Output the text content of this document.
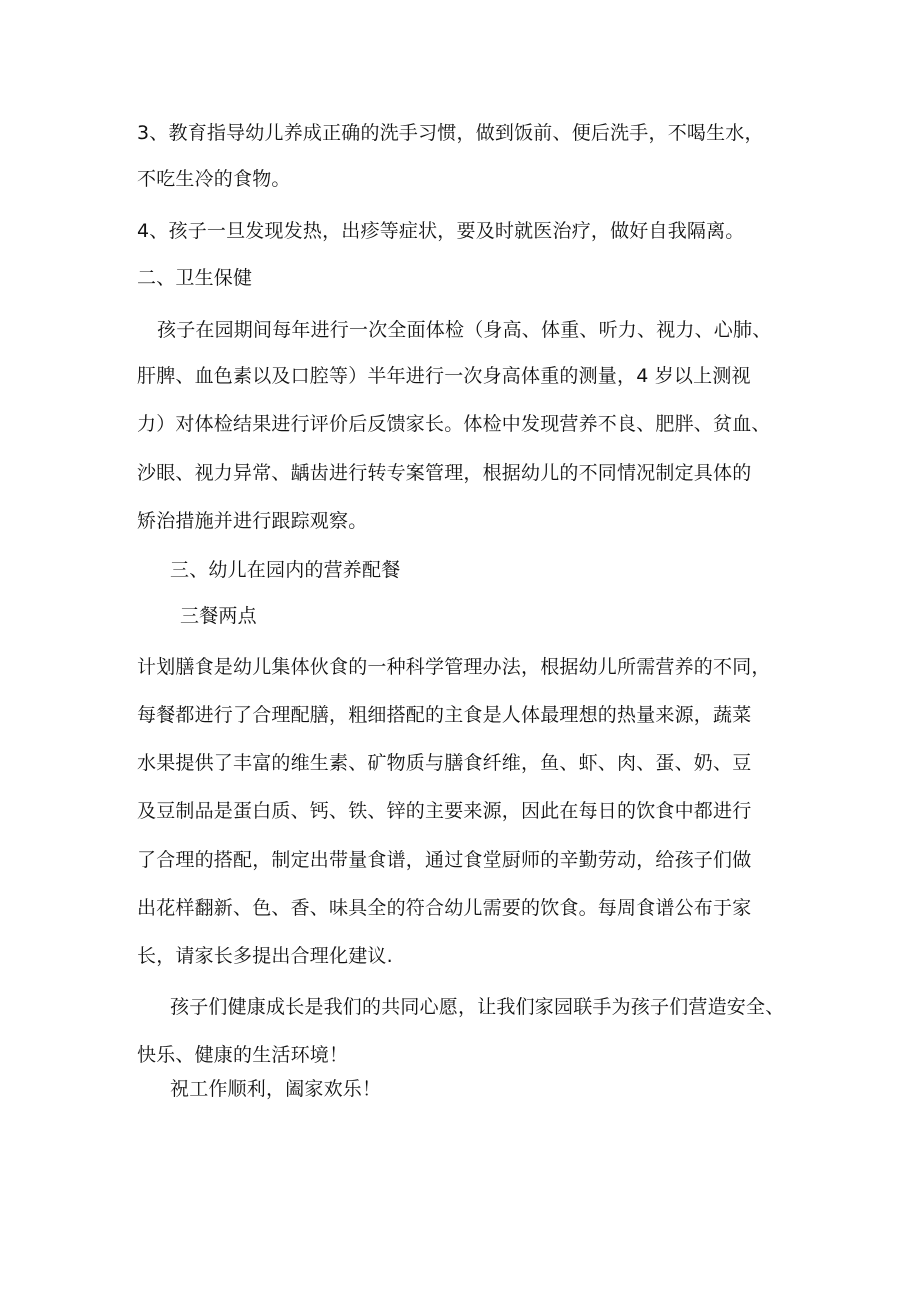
3、教育指导幼儿养成正确的洗手习惯，做到饭前、便后洗手，不喝生水，
不吃生冷的食物。
4、孩子一旦发现发热，出疹等症状，要及时就医治疗，做好自我隔离。
二、卫生保健
孩子在园期间每年进行一次全面体检（身高、体重、听力、视力、心肺、
肝脾、血色素以及口腔等）半年进行一次身高体重的测量，4 岁以上测视
力）对体检结果进行评价后反馈家长。体检中发现营养不良、肥胖、贫血、
沙眼、视力异常、龋齿进行转专案管理，根据幼儿的不同情况制定具体的
矫治措施并进行跟踪观察。
三、幼儿在园内的营养配餐
三餐两点
计划膳食是幼儿集体伙食的一种科学管理办法，根据幼儿所需营养的不同，
每餐都进行了合理配膳，粗细搭配的主食是人体最理想的热量来源，蔬菜
水果提供了丰富的维生素、矿物质与膳食纤维，鱼、虾、肉、蛋、奶、豆
及豆制品是蛋白质、钙、铁、锌的主要来源，因此在每日的饮食中都进行
了合理的搭配，制定出带量食谱，通过食堂厨师的辛勤劳动，给孩子们做
出花样翻新、色、香、味具全的符合幼儿需要的饮食。每周食谱公布于家
长，请家长多提出合理化建议.
孩子们健康成长是我们的共同心愿，让我们家园联手为孩子们营造安全、
快乐、健康的生活环境！
祝工作顺利，阖家欢乐！
